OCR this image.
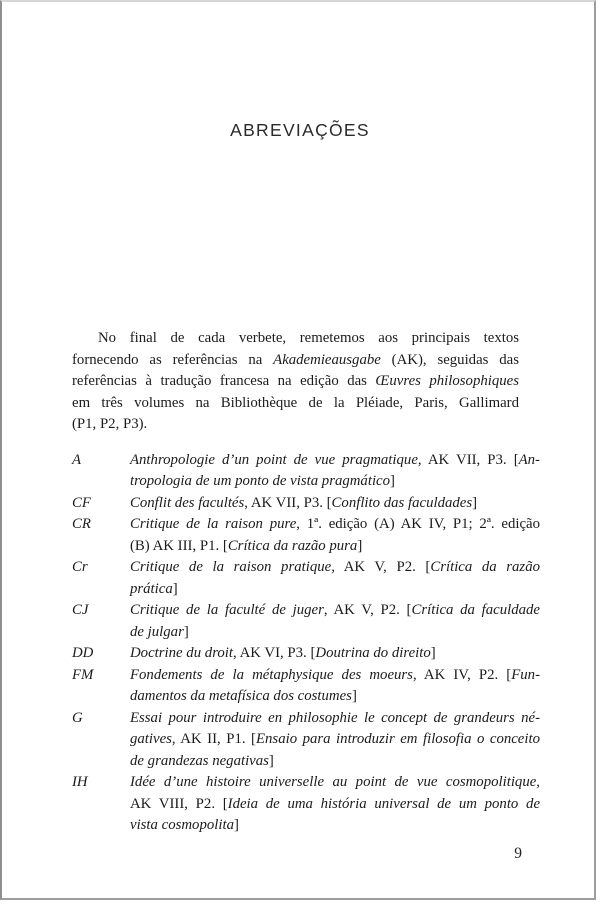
ABREVIAÇÕES
No final de cada verbete, remetemos aos principais textos
fornecendo as referências na Akademieausgabe (AK), seguidas das
referências à tradução francesa na edição das Œuvres philosophiques
em três volumes na Bibliothèque de la Pléiade, Paris, Gallimard
(P1, P2, P3).
A	Anthropologie d’un point de vue pragmatique, AK VII, P3. [An-
tropologia de um ponto de vista pragmático]
CF	Conflit des facultés, AK VII, P3. [Conflito das faculdades]
CR	Critique de la raison pure, 1ª. edição (A) AK IV, P1; 2ª. edição
(B) AK III, P1. [Crítica da razão pura]
Cr	Critique de la raison pratique, AK V, P2. [Crítica da razão
prática]
CJ	Critique de la faculté de juger, AK V, P2. [Crítica da faculdade
de julgar]
DD Doctrine du droit, AK VI, P3. [Doutrina do direito]
FM Fondements de la métaphysique des moeurs, AK IV, P2. [Fun-
damentos da metafísica dos costumes]
G	Essai pour introduire en philosophie le concept de grandeurs né-
gatives, AK II, P1. [Ensaio para introduzir em filosofia o conceito
de grandezas negativas]
IH	Idée d’une histoire universelle au point de vue cosmopolitique,
AK VIII, P2. [Ideia de uma história universal de um ponto de
vista cosmopolita]
9
